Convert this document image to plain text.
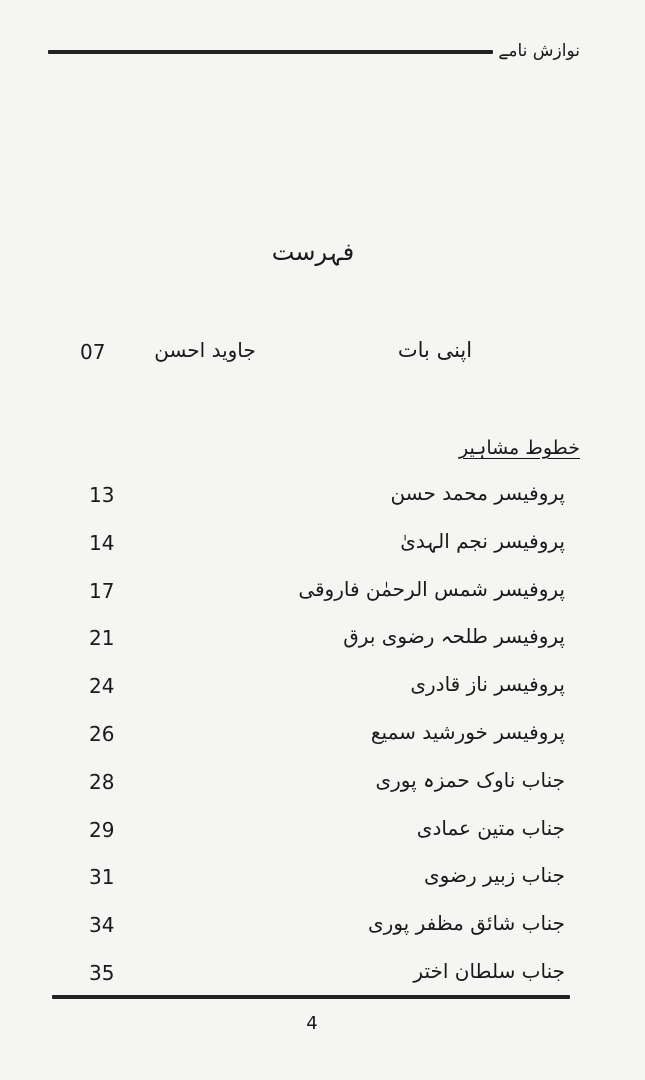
نوازش نامے
فہرست
اپنی بات
جاوید احسن
07
خطوط مشاہیر
پروفیسر محمد حسن
13
پروفیسر نجم الہدیٰ
14
پروفیسر شمس الرحمٰن فاروقی
17
پروفیسر طلحہ رضوی برق
21
پروفیسر ناز قادری
24
پروفیسر خورشید سمیع
26
جناب ناوک حمزہ پوری
28
جناب متین عمادی
29
جناب زبیر رضوی
31
جناب شائق مظفر پوری
34
جناب سلطان اختر
35
4
